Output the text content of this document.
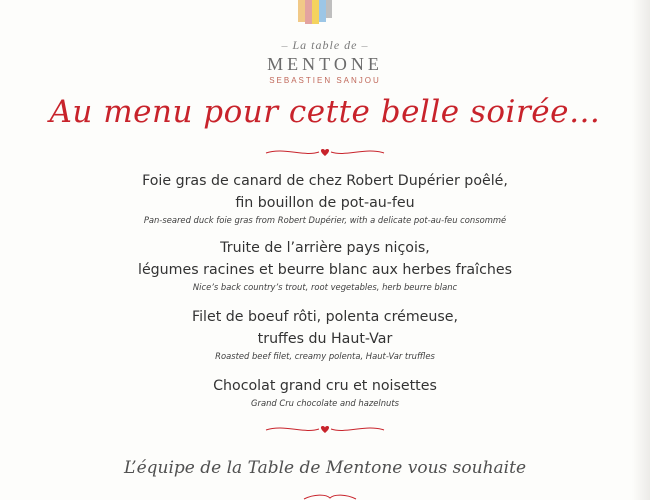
– La table de –
MENTONE
SEBASTIEN SANJOU
Au menu pour cette belle soirée…
Foie gras de canard de chez Robert Dupérier poêlé,
fin bouillon de pot-au-feu
Pan-seared duck foie gras from Robert Dupérier, with a delicate pot-au-feu consommé
Truite de l’arrière pays niçois,
légumes racines et beurre blanc aux herbes fraîches
Nice’s back country’s trout, root vegetables, herb beurre blanc
Filet de boeuf rôti, polenta crémeuse,
truffes du Haut-Var
Roasted beef filet, creamy polenta, Haut-Var truffles
Chocolat grand cru et noisettes
Grand Cru chocolate and hazelnuts
L’équipe de la Table de Mentone vous souhaite
